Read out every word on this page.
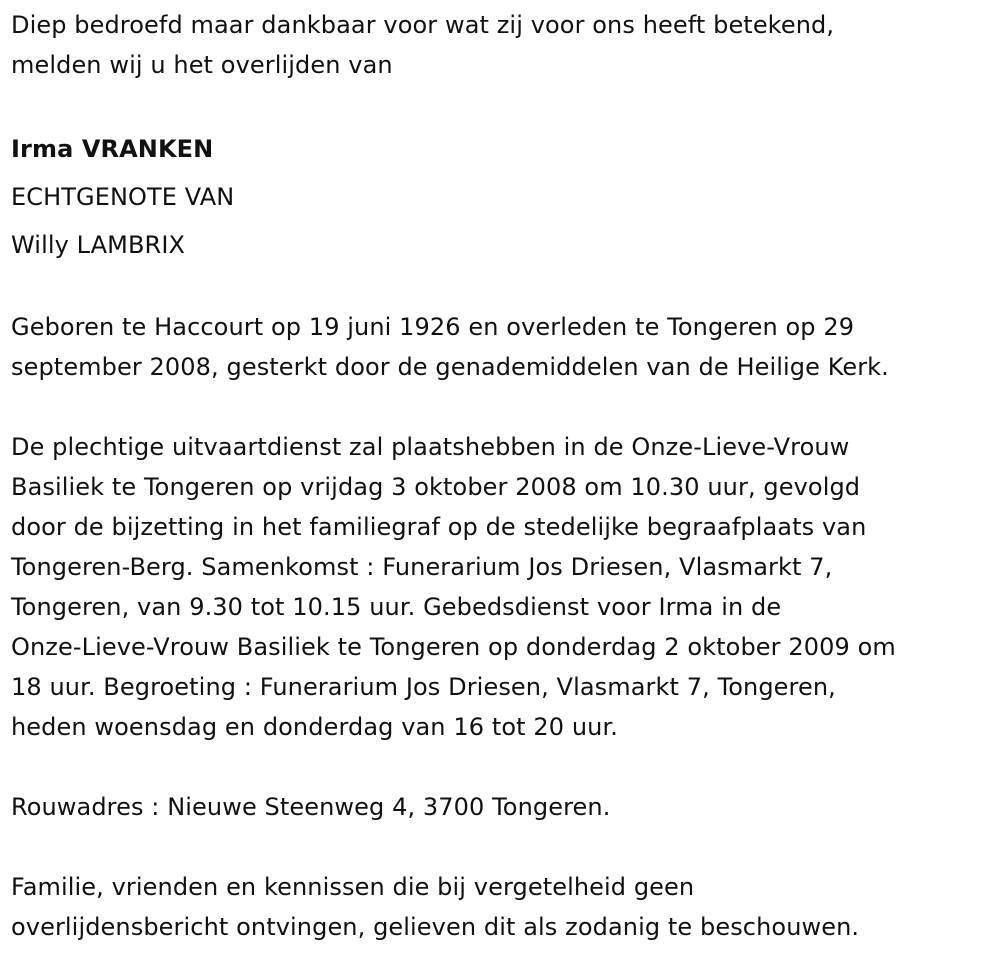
Diep bedroefd maar dankbaar voor wat zij voor ons heeft betekend,
melden wij u het overlijden van

Irma VRANKEN
ECHTGENOTE VAN
Willy LAMBRIX

Geboren te Haccourt op 19 juni 1926 en overleden te Tongeren op 29
september 2008, gesterkt door de genademiddelen van de Heilige Kerk.

De plechtige uitvaartdienst zal plaatshebben in de Onze-Lieve-Vrouw
Basiliek te Tongeren op vrijdag 3 oktober 2008 om 10.30 uur, gevolgd
door de bijzetting in het familiegraf op de stedelijke begraafplaats van
Tongeren-Berg. Samenkomst : Funerarium Jos Driesen, Vlasmarkt 7,
Tongeren, van 9.30 tot 10.15 uur. Gebedsdienst voor Irma in de
Onze-Lieve-Vrouw Basiliek te Tongeren op donderdag 2 oktober 2009 om
18 uur. Begroeting : Funerarium Jos Driesen, Vlasmarkt 7, Tongeren,
heden woensdag en donderdag van 16 tot 20 uur.

Rouwadres : Nieuwe Steenweg 4, 3700 Tongeren.

Familie, vrienden en kennissen die bij vergetelheid geen
overlijdensbericht ontvingen, gelieven dit als zodanig te beschouwen.
